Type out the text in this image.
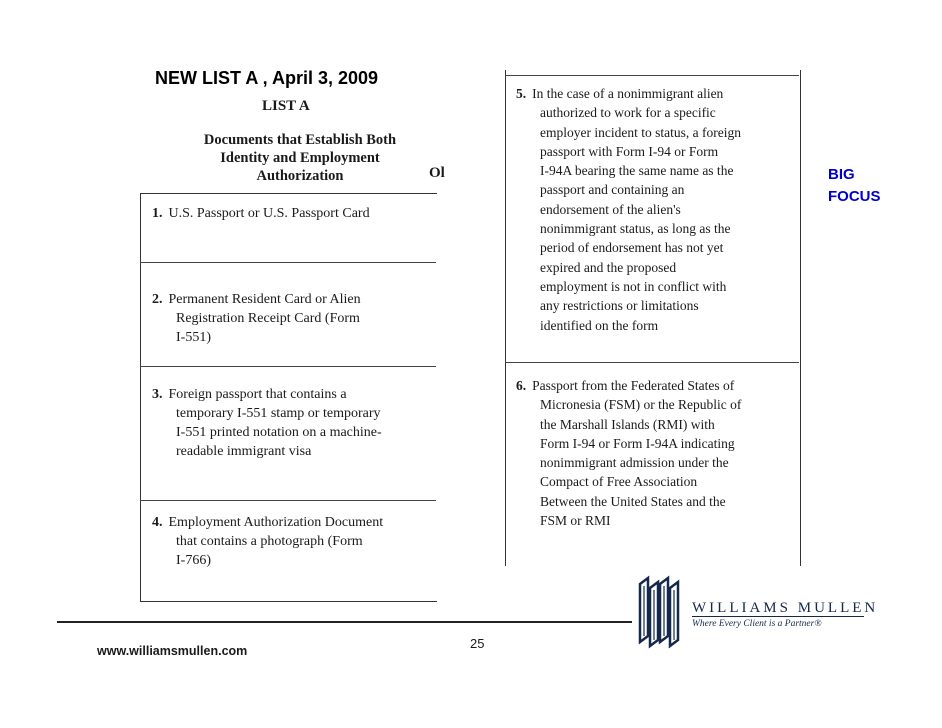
NEW LIST A , April 3, 2009
LIST A
Documents that Establish Both
Identity and Employment
Authorization	Ol
1. U.S. Passport or U.S. Passport Card
2. Permanent Resident Card or Alien
Registration Receipt Card (Form
I-551)
3. Foreign passport that contains a
temporary I-551 stamp or temporary
I-551 printed notation on a machine-
readable immigrant visa
4. Employment Authorization Document
that contains a photograph (Form
I-766)
5. In the case of a nonimmigrant alien
authorized to work for a specific
employer incident to status, a foreign
passport with Form I-94 or Form
I-94A bearing the same name as the
passport and containing an
endorsement of the alien's
nonimmigrant status, as long as the
period of endorsement has not yet
expired and the proposed
employment is not in conflict with
any restrictions or limitations
identified on the form
6. Passport from the Federated States of
Micronesia (FSM) or the Republic of
the Marshall Islands (RMI) with
Form I-94 or Form I-94A indicating
nonimmigrant admission under the
Compact of Free Association
Between the United States and the
FSM or RMI
BIG
FOCUS
www.williamsmullen.com	25
WILLIAMS MULLEN
Where Every Client is a Partner®
